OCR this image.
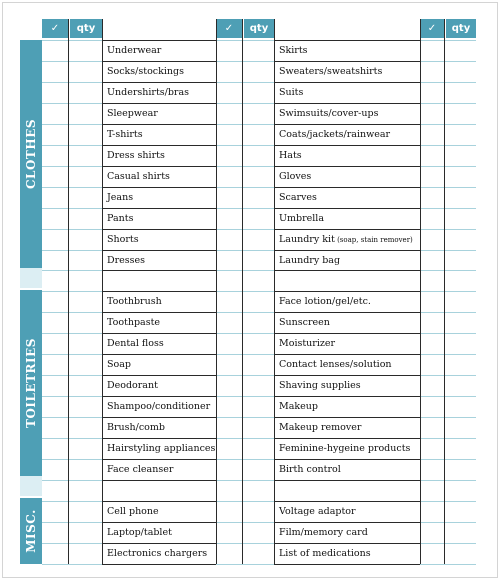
✓ qty	✓ qty	✓ qty
CLOTHES
TOILETRIES
MISC.
Underwear
Socks/stockings
Undershirts/bras
Sleepwear
T-shirts
Dress shirts
Casual shirts
Jeans
Pants
Shorts
Dresses
Skirts
Sweaters/sweatshirts
Suits
Swimsuits/cover-ups
Coats/jackets/rainwear
Hats
Gloves
Scarves
Umbrella
Laundry kit (soap, stain remover)
Laundry bag
Toothbrush
Toothpaste
Dental floss
Soap
Deodorant
Shampoo/conditioner
Brush/comb
Hairstyling appliances
Face cleanser
Face lotion/gel/etc.
Sunscreen
Moisturizer
Contact lenses/solution
Shaving supplies
Makeup
Makeup remover
Feminine-hygeine products
Birth control
Cell phone
Laptop/tablet
Electronics chargers
Voltage adaptor
Film/memory card
List of medications
